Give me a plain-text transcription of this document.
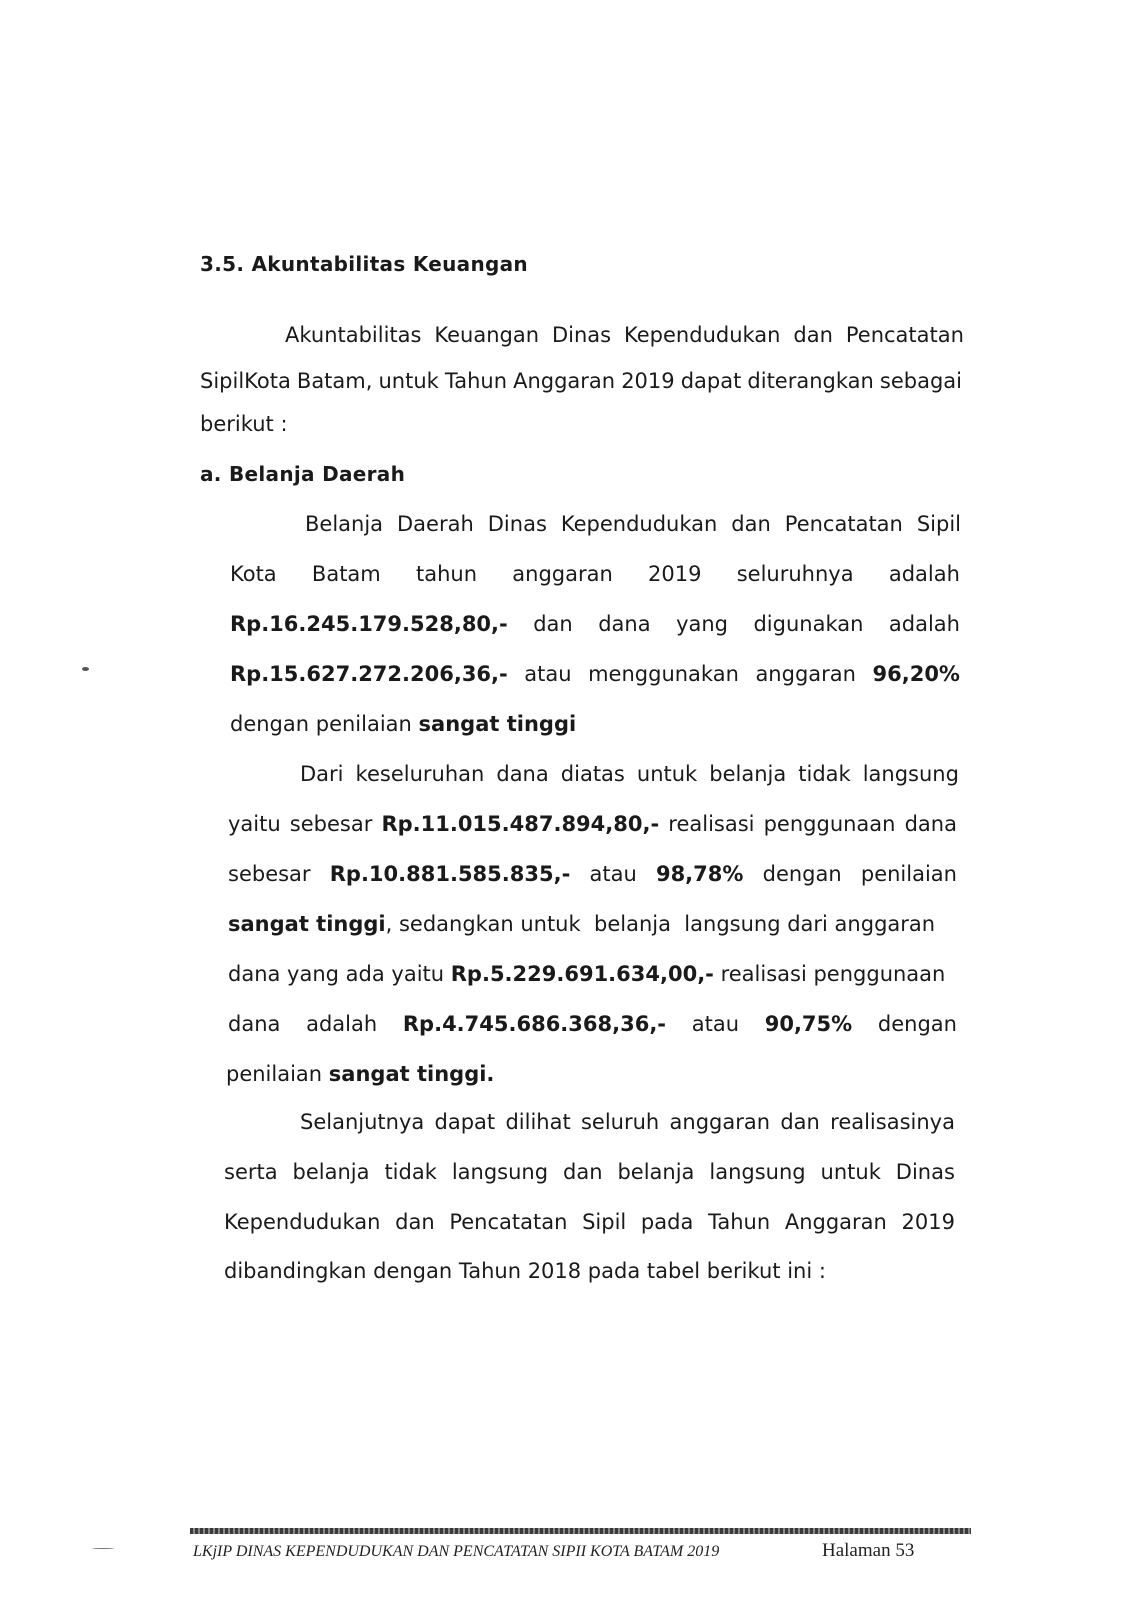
3.5. Akuntabilitas Keuangan
Akuntabilitas Keuangan Dinas Kependudukan dan Pencatatan
SipilKota Batam, untuk Tahun Anggaran 2019 dapat diterangkan sebagai
berikut :
a. Belanja Daerah
Belanja Daerah Dinas Kependudukan dan Pencatatan Sipil
Kota Batam tahun anggaran 2019 seluruhnya adalah
Rp.16.245.179.528,80,- dan dana yang digunakan adalah
Rp.15.627.272.206,36,- atau menggunakan anggaran 96,20%
dengan penilaian sangat tinggi
Dari keseluruhan dana diatas untuk belanja tidak langsung
yaitu sebesar Rp.11.015.487.894,80,- realisasi penggunaan dana
sebesar Rp.10.881.585.835,- atau 98,78% dengan penilaian
sangat tinggi, sedangkan untuk  belanja  langsung dari anggaran
dana yang ada yaitu Rp.5.229.691.634,00,- realisasi penggunaan
dana adalah Rp.4.745.686.368,36,- atau 90,75% dengan
penilaian sangat tinggi.
Selanjutnya dapat dilihat seluruh anggaran dan realisasinya
serta belanja tidak langsung dan belanja langsung untuk Dinas
Kependudukan dan Pencatatan Sipil pada Tahun Anggaran 2019
dibandingkan dengan Tahun 2018 pada tabel berikut ini :
LKjIP DINAS KEPENDUDUKAN DAN PENCATATAN SIPII KOTA BATAM 2019	Halaman 53
